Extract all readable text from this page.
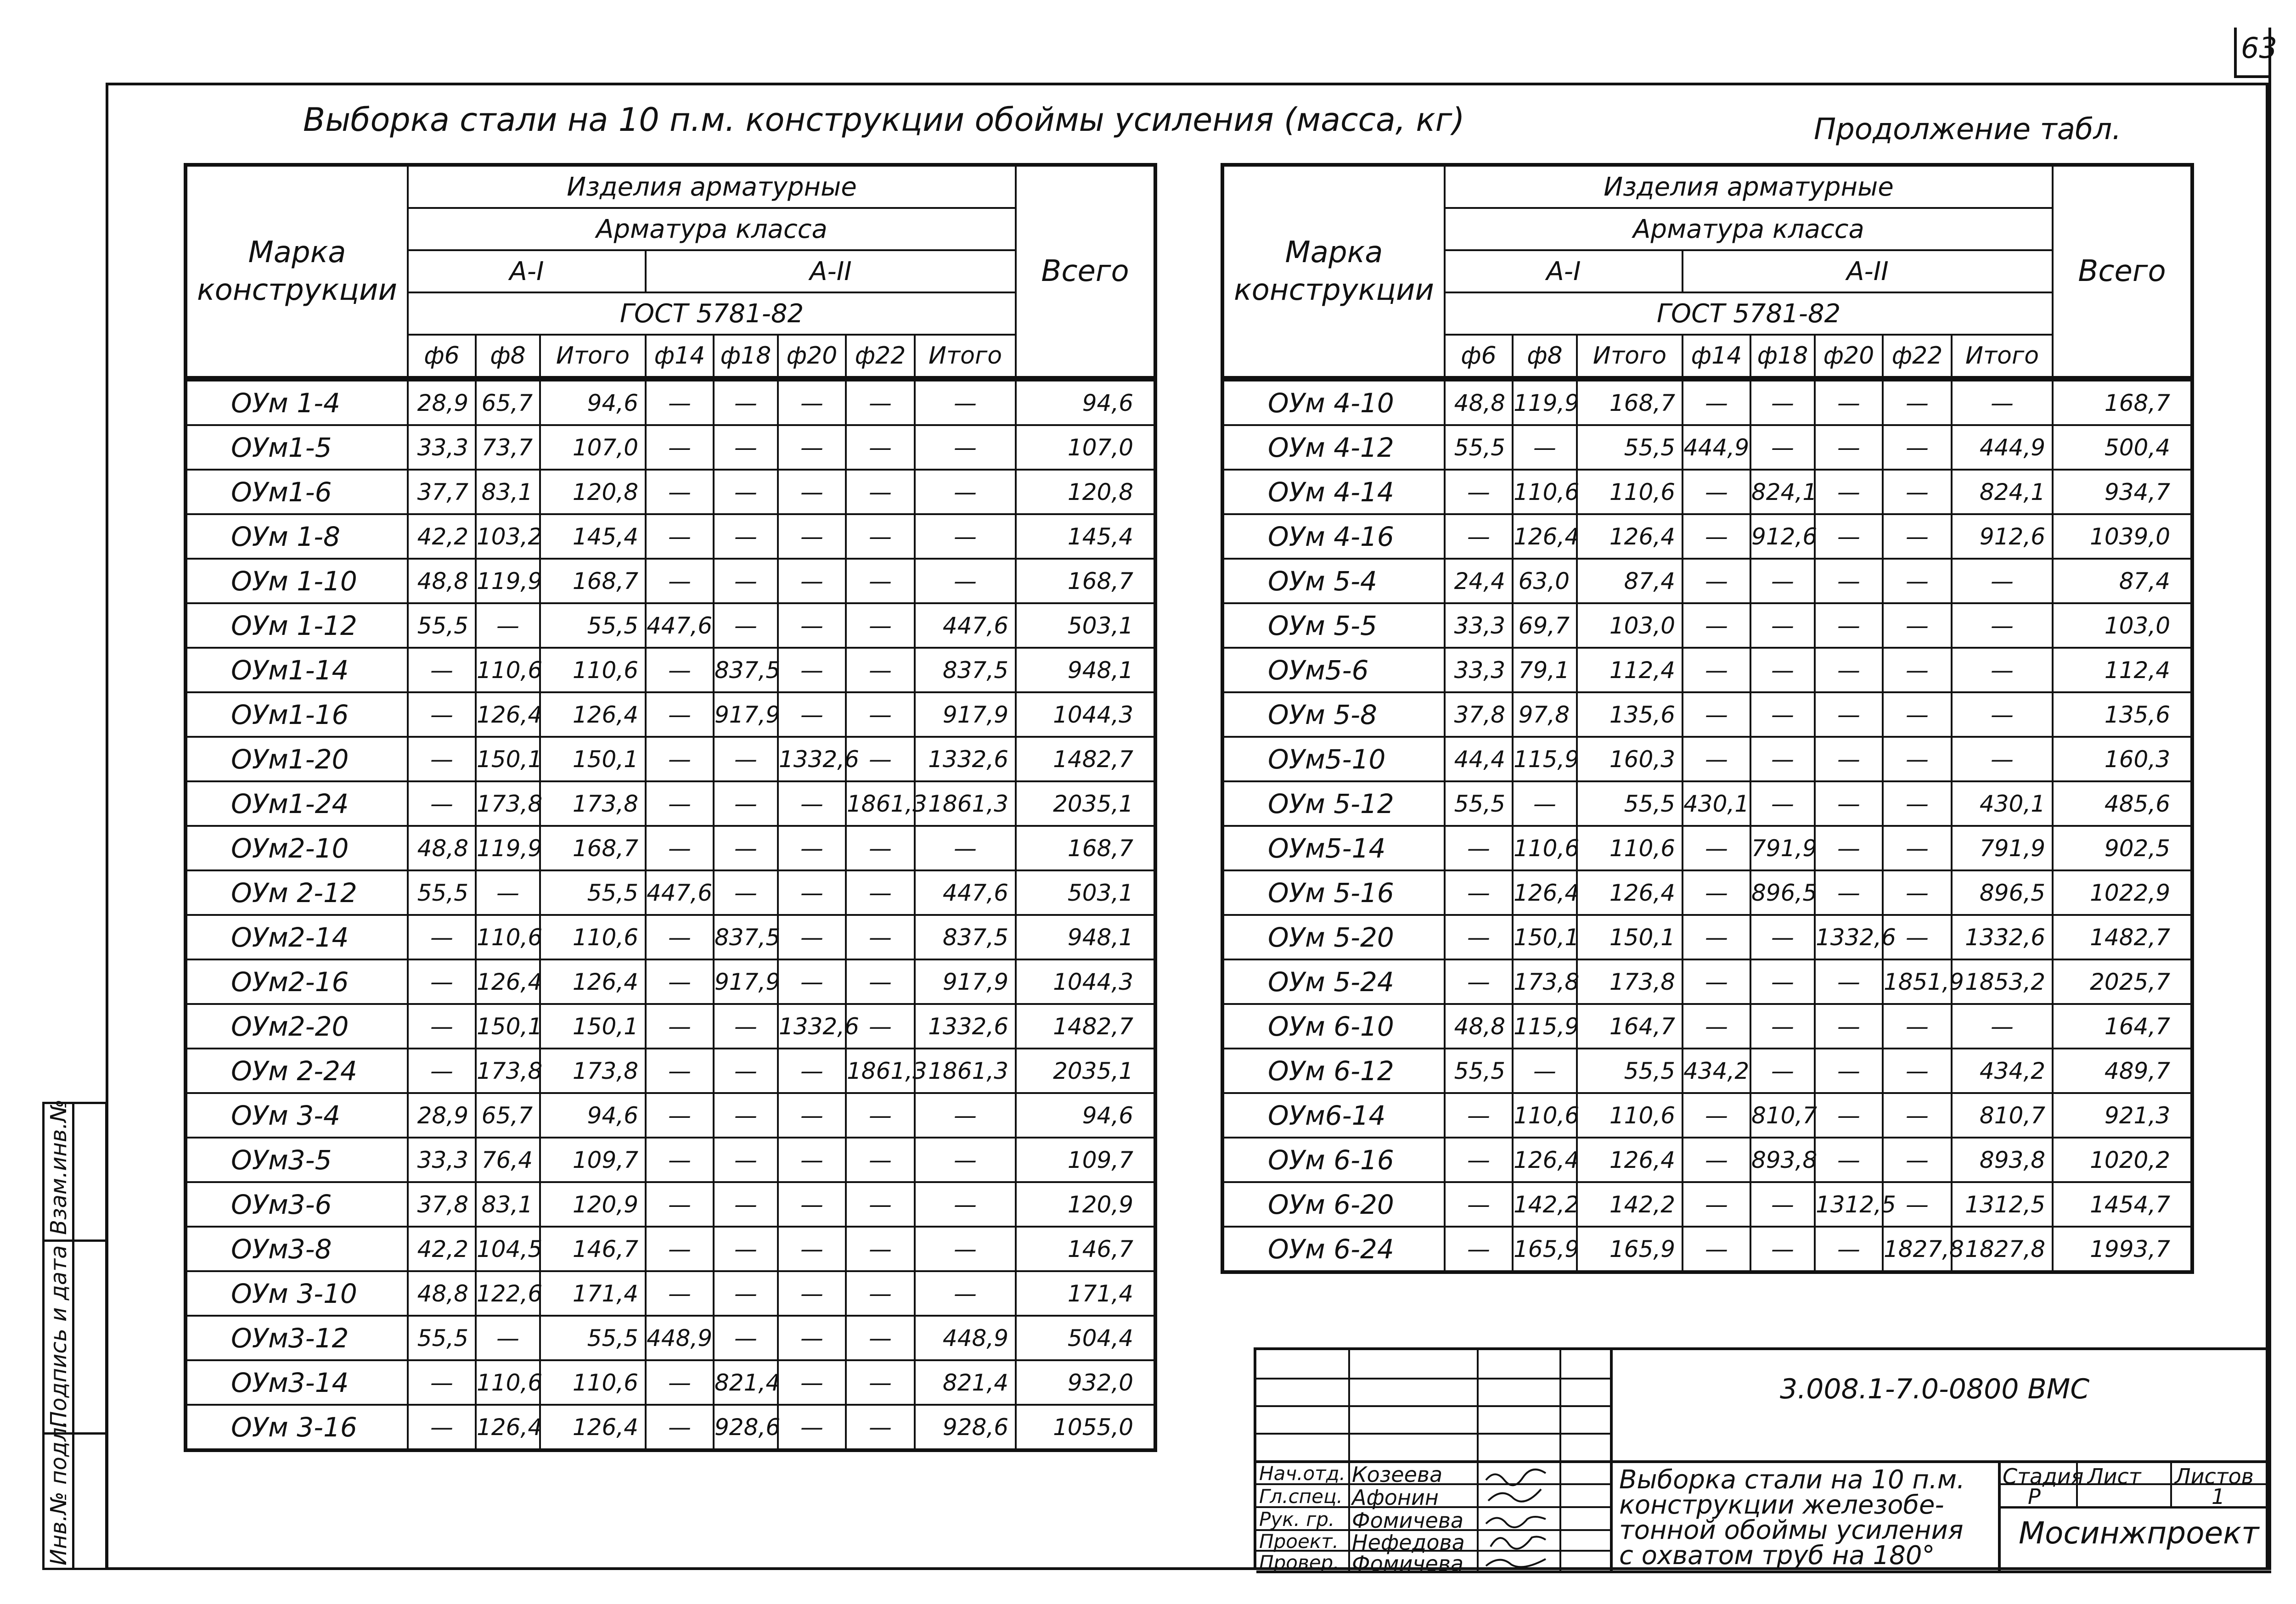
63
Выборка стали на 10 п.м. конструкции обоймы усиления (масса, кг)	Продолжение табл.
Марка конструкции	Изделия арматурные								Всего
	Арматура класса								
	А-I			А-II					
	ГОСТ 5781-82								
	ф6	ф8	Итого	ф14	ф18	ф20	ф22	Итого	
ОУм 1-4	28,9	65,7	94,6	—	—	—	—	—	94,6
ОУм1-5	33,3	73,7	107,0	—	—	—	—	—	107,0
ОУм1-6	37,7	83,1	120,8	—	—	—	—	—	120,8
ОУм 1-8	42,2	103,2	145,4	—	—	—	—	—	145,4
ОУм 1-10	48,8	119,9	168,7	—	—	—	—	—	168,7
ОУм 1-12	55,5	—	55,5	447,6	—	—	—	447,6	503,1
ОУм1-14	—	110,6	110,6	—	837,5	—	—	837,5	948,1
ОУм1-16	—	126,4	126,4	—	917,9	—	—	917,9	1044,3
ОУм1-20	—	150,1	150,1	—	—	1332,6	—	1332,6	1482,7
ОУм1-24	—	173,8	173,8	—	—	—	1861,3	1861,3	2035,1
ОУм2-10	48,8	119,9	168,7	—	—	—	—	—	168,7
ОУм 2-12	55,5	—	55,5	447,6	—	—	—	447,6	503,1
ОУм2-14	—	110,6	110,6	—	837,5	—	—	837,5	948,1
ОУм2-16	—	126,4	126,4	—	917,9	—	—	917,9	1044,3
ОУм2-20	—	150,1	150,1	—	—	1332,6	—	1332,6	1482,7
ОУм 2-24	—	173,8	173,8	—	—	—	1861,3	1861,3	2035,1
ОУм 3-4	28,9	65,7	94,6	—	—	—	—	—	94,6
ОУм3-5	33,3	76,4	109,7	—	—	—	—	—	109,7
ОУм3-6	37,8	83,1	120,9	—	—	—	—	—	120,9
ОУм3-8	42,2	104,5	146,7	—	—	—	—	—	146,7
ОУм 3-10	48,8	122,6	171,4	—	—	—	—	—	171,4
ОУм3-12	55,5	—	55,5	448,9	—	—	—	448,9	504,4
ОУм3-14	—	110,6	110,6	—	821,4	—	—	821,4	932,0
ОУм 3-16	—	126,4	126,4	—	928,6	—	—	928,6	1055,0
Марка конструкции	Изделия арматурные								Всего
	Арматура класса								
	А-I			А-II					
	ГОСТ 5781-82								
	ф6	ф8	Итого	ф14	ф18	ф20	ф22	Итого	
ОУм 4-10	48,8	119,9	168,7	—	—	—	—	—	168,7
ОУм 4-12	55,5	—	55,5	444,9	—	—	—	444,9	500,4
ОУм 4-14	—	110,6	110,6	—	824,1	—	—	824,1	934,7
ОУм 4-16	—	126,4	126,4	—	912,6	—	—	912,6	1039,0
ОУм 5-4	24,4	63,0	87,4	—	—	—	—	—	87,4
ОУм 5-5	33,3	69,7	103,0	—	—	—	—	—	103,0
ОУм5-6	33,3	79,1	112,4	—	—	—	—	—	112,4
ОУм 5-8	37,8	97,8	135,6	—	—	—	—	—	135,6
ОУм5-10	44,4	115,9	160,3	—	—	—	—	—	160,3
ОУм 5-12	55,5	—	55,5	430,1	—	—	—	430,1	485,6
ОУм5-14	—	110,6	110,6	—	791,9	—	—	791,9	902,5
ОУм 5-16	—	126,4	126,4	—	896,5	—	—	896,5	1022,9
ОУм 5-20	—	150,1	150,1	—	—	1332,6	—	1332,6	1482,7
ОУм 5-24	—	173,8	173,8	—	—	—	1851,9	1853,2	2025,7
ОУм 6-10	48,8	115,9	164,7	—	—	—	—	—	164,7
ОУм 6-12	55,5	—	55,5	434,2	—	—	—	434,2	489,7
ОУм6-14	—	110,6	110,6	—	810,7	—	—	810,7	921,3
ОУм 6-16	—	126,4	126,4	—	893,8	—	—	893,8	1020,2
ОУм 6-20	—	142,2	142,2	—	—	1312,5	—	1312,5	1454,7
ОУм 6-24	—	165,9	165,9	—	—	—	1827,8	1827,8	1993,7
Взам.инв.№
Подпись и дата
Инв.№ подл.
3.008.1-7.0-0800 ВМС
Нач.отд.
Гл.спец.
Рук. гр.
Проект.
Провер.
Козеева
Афонин
Фомичева
Нефедова
Фомичева
Выборка стали на 10 п.м.
конструкции железобе-
тонной обоймы усиления
с охватом труб на 180°
Стадия Лист Листов
Р	1
Мосинжпроект
